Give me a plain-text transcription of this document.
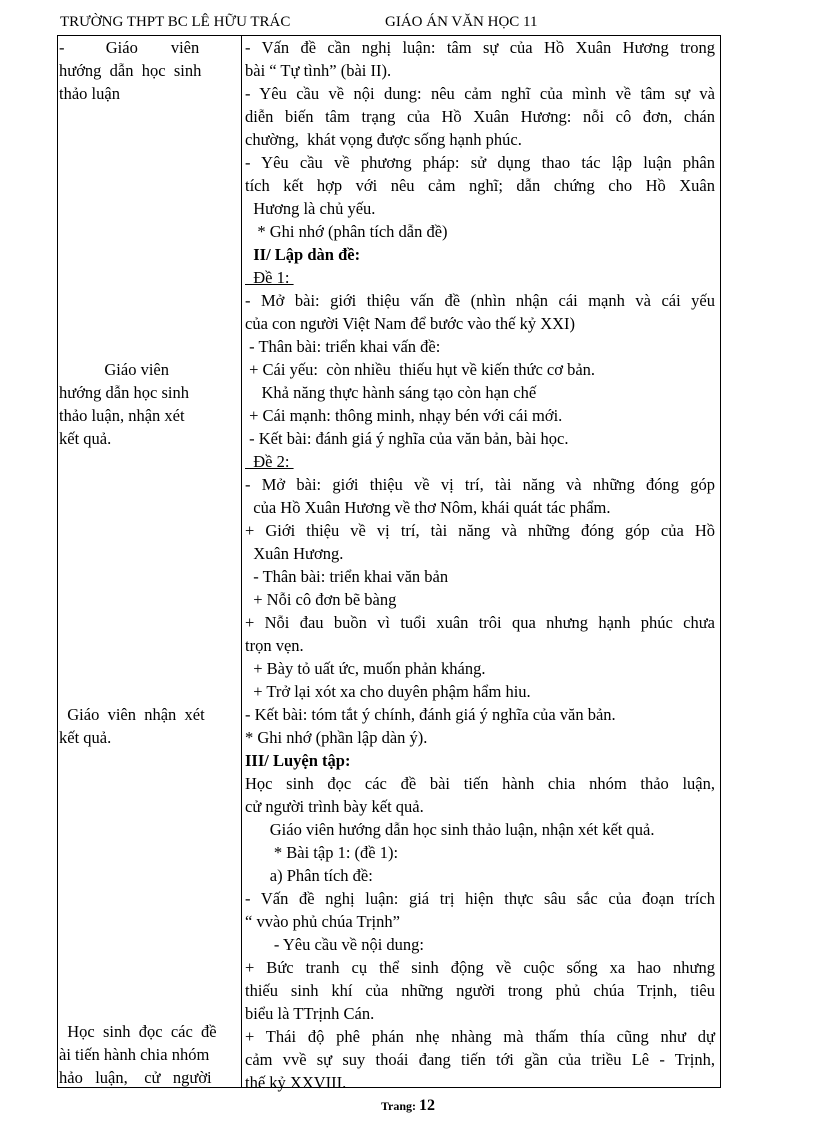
TRƯỜNG THPT BC LÊ HỮU TRÁC	GIÁO ÁN VĂN HỌC 11
-          Giáo        viên
hướng  dẫn  học  sinh
thảo luận
Giáo viên
hướng dẫn học sinh
thảo luận, nhận xét
kết quả.
Giáo  viên  nhận  xét
kết quả.
Học  sinh  đọc  các  đề
ài tiến hành chia nhóm
hảo   luận,    cử   người
- Vấn đề cần nghị luận: tâm sự của Hồ Xuân Hương trong
bài “ Tự tình” (bài II).
- Yêu cầu về nội dung: nêu cảm nghĩ của mình về tâm sự và
diễn biến tâm trạng của Hồ Xuân Hương: nỗi cô đơn, chán
chường,  khát vọng được sống hạnh phúc.
- Yêu cầu về phương pháp: sử dụng thao tác lập luận phân
tích kết hợp với nêu cảm nghĩ; dẫn chứng cho Hồ Xuân
Hương là chủ yếu.
* Ghi nhớ (phân tích dẫn đề)
II/ Lập dàn đề:
Đề 1:
- Mở bài: giới thiệu vấn đề (nhìn nhận cái mạnh và cái yếu
của con người Việt Nam để bước vào thế kỷ XXI)
- Thân bài: triển khai vấn đề:
+ Cái yếu:  còn nhiều  thiếu hụt về kiến thức cơ bản.
Khả năng thực hành sáng tạo còn hạn chế
+ Cái mạnh: thông minh, nhạy bén với cái mới.
- Kết bài: đánh giá ý nghĩa của văn bản, bài học.
Đề 2:
- Mở bài: giới thiệu về vị trí, tài năng và những đóng góp
của Hồ Xuân Hương về thơ Nôm, khái quát tác phẩm.
+ Giới thiệu về vị trí, tài năng và những đóng góp của Hồ
Xuân Hương.
- Thân bài: triển khai văn bản
+ Nỗi cô đơn bẽ bàng
+ Nỗi đau buồn vì tuổi xuân trôi qua nhưng hạnh phúc chưa
trọn vẹn.
+ Bày tỏ uất ức, muốn phản kháng.
+ Trở lại xót xa cho duyên phậm hẩm hiu.
- Kết bài: tóm tắt ý chính, đánh giá ý nghĩa của văn bản.
* Ghi nhớ (phần lập dàn ý).
III/ Luyện tập:
Học sinh đọc các đề bài tiến hành chia nhóm thảo luận,
cử người trình bày kết quả.
Giáo viên hướng dẫn học sinh thảo luận, nhận xét kết quả.
* Bài tập 1: (đề 1):
a) Phân tích đề:
- Vấn đề nghị luận: giá trị hiện thực sâu sắc của đoạn trích
“ vvào phủ chúa Trịnh”
- Yêu cầu về nội dung:
+ Bức tranh cụ thể sinh động về cuộc sống xa hao nhưng
thiếu sinh khí của những người trong phủ chúa Trịnh, tiêu
biểu là TTrịnh Cán.
+ Thái độ phê phán nhẹ nhàng mà thấm thía cũng như dự
cảm vvề sự suy thoái đang tiến tới gần của triều Lê - Trịnh,
thế kỷ XXVIII.
Trang: 12
